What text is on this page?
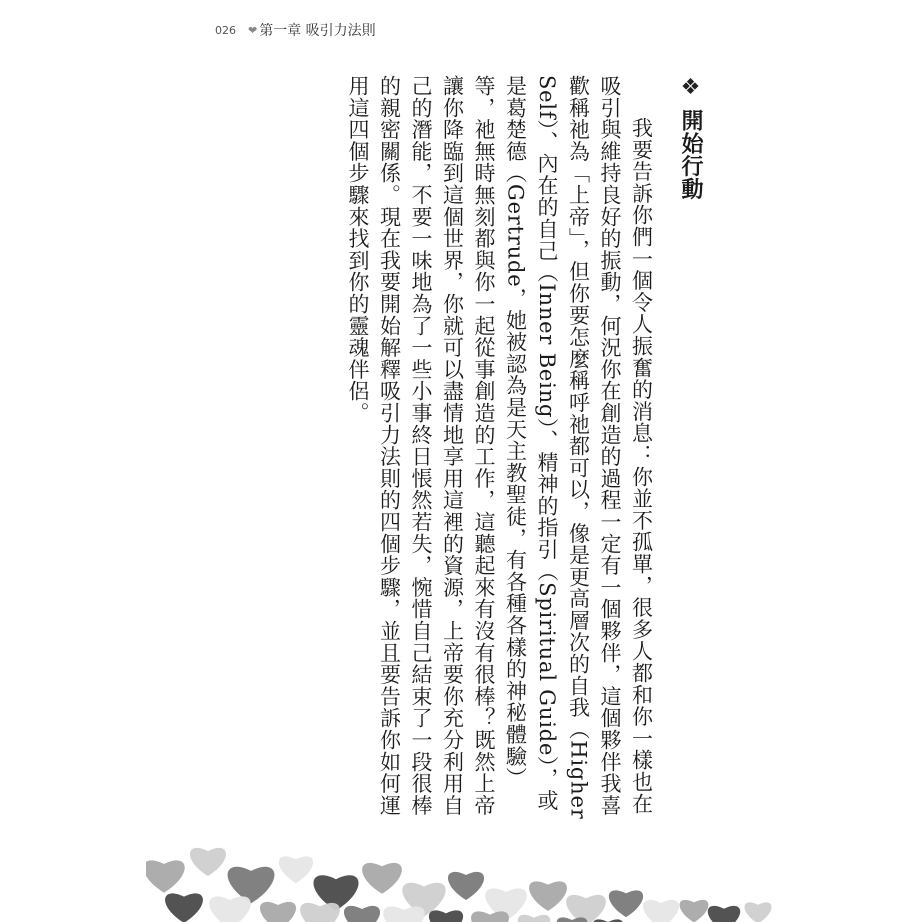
026 ❤ 第一章 吸引力法則
❖ 開始行動

我要告訴你們一個令人振奮的消息：你並不孤單，很多人都和你一樣也在吸引與維持良好的振動，何況你在創造的過程一定有一個夥伴，這個夥伴我喜歡稱祂為「上帝」，但你要怎麼稱呼祂都可以，像是更高層次的自我（Higher Self）、內在的自己（Inner Being）、精神的指引（Spiritual Guide），或是葛楚德（Gertrude，她被認為是天主教聖徒，有各種各樣的神秘體驗）等，祂無時無刻都與你一起從事創造的工作，這聽起來有沒有很棒？既然上帝讓你降臨到這個世界，你就可以盡情地享用這裡的資源，上帝要你充分利用自己的潛能，不要一味地為了一些小事終日悵然若失，惋惜自己結束了一段很棒的親密關係。現在我要開始解釋吸引力法則的四個步驟，並且要告訴你如何運用這四個步驟來找到你的靈魂伴侶。
